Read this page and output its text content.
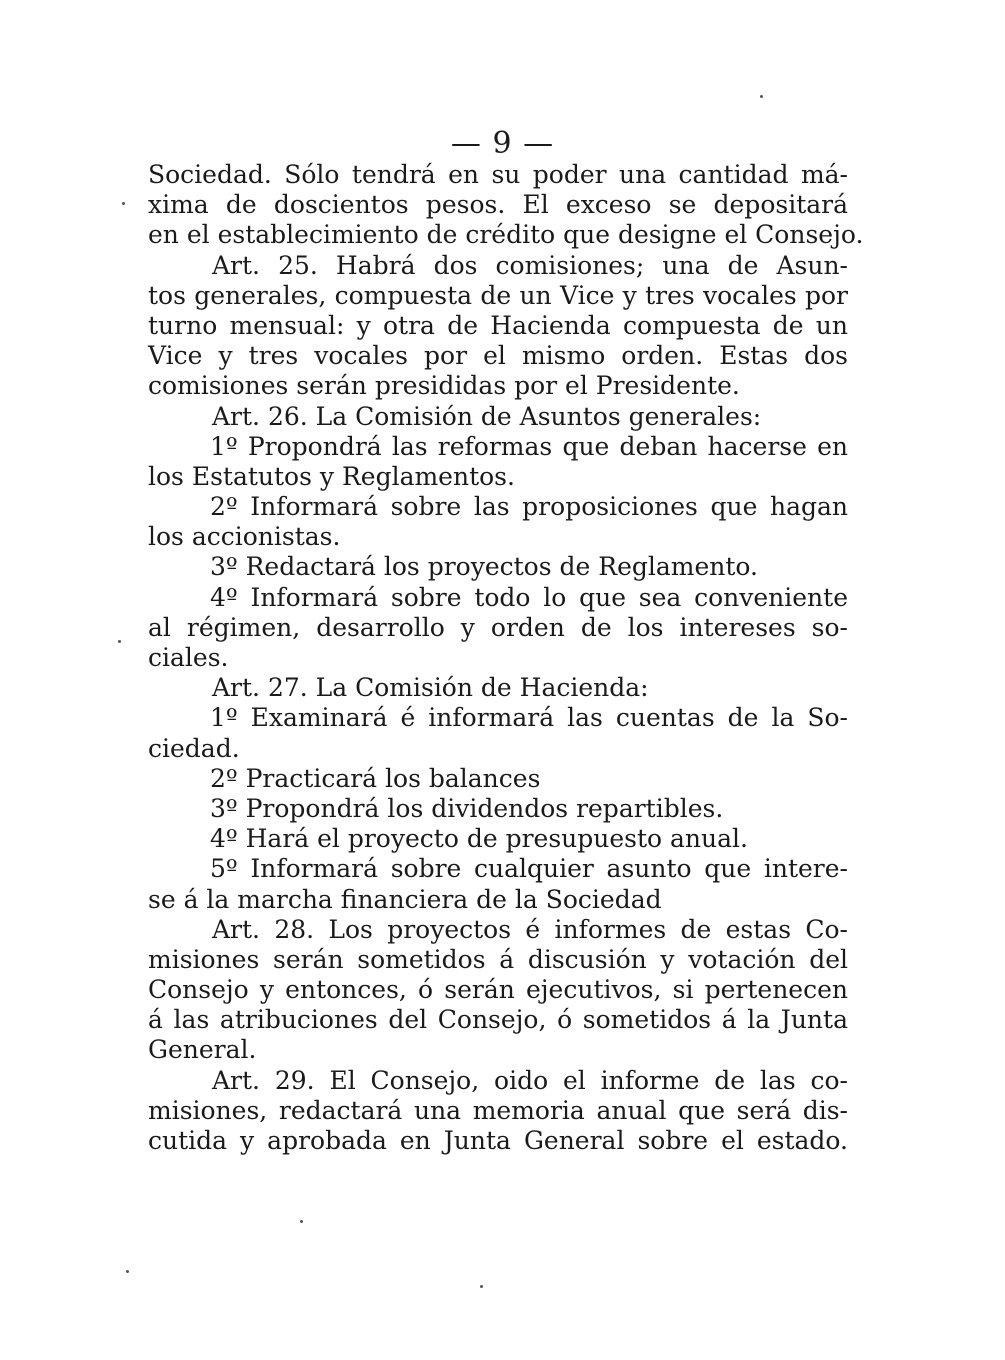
— 9 —
Sociedad. Sólo tendrá en su poder una cantidad má-
xima de doscientos pesos. El exceso se depositará
en el establecimiento de crédito que designe el Consejo.
Art. 25. Habrá dos comisiones; una de Asun-
tos generales, compuesta de un Vice y tres vocales por
turno mensual: y otra de Hacienda compuesta de un
Vice y tres vocales por el mismo orden. Estas dos
comisiones serán presididas por el Presidente.
Art. 26. La Comisión de Asuntos generales:
1º Propondrá las reformas que deban hacerse en
los Estatutos y Reglamentos.
2º Informará sobre las proposiciones que hagan
los accionistas.
3º Redactará los proyectos de Reglamento.
4º Informará sobre todo lo que sea conveniente
al régimen, desarrollo y orden de los intereses so-
ciales.
Art. 27. La Comisión de Hacienda:
1º Examinará é informará las cuentas de la So-
ciedad.
2º Practicará los balances
3º Propondrá los dividendos repartibles.
4º Hará el proyecto de presupuesto anual.
5º Informará sobre cualquier asunto que intere-
se á la marcha financiera de la Sociedad
Art. 28. Los proyectos é informes de estas Co-
misiones serán sometidos á discusión y votación del
Consejo y entonces, ó serán ejecutivos, si pertenecen
á las atribuciones del Consejo, ó sometidos á la Junta
General.
Art. 29. El Consejo, oido el informe de las co-
misiones, redactará una memoria anual que será dis-
cutida y aprobada en Junta General sobre el estado.
